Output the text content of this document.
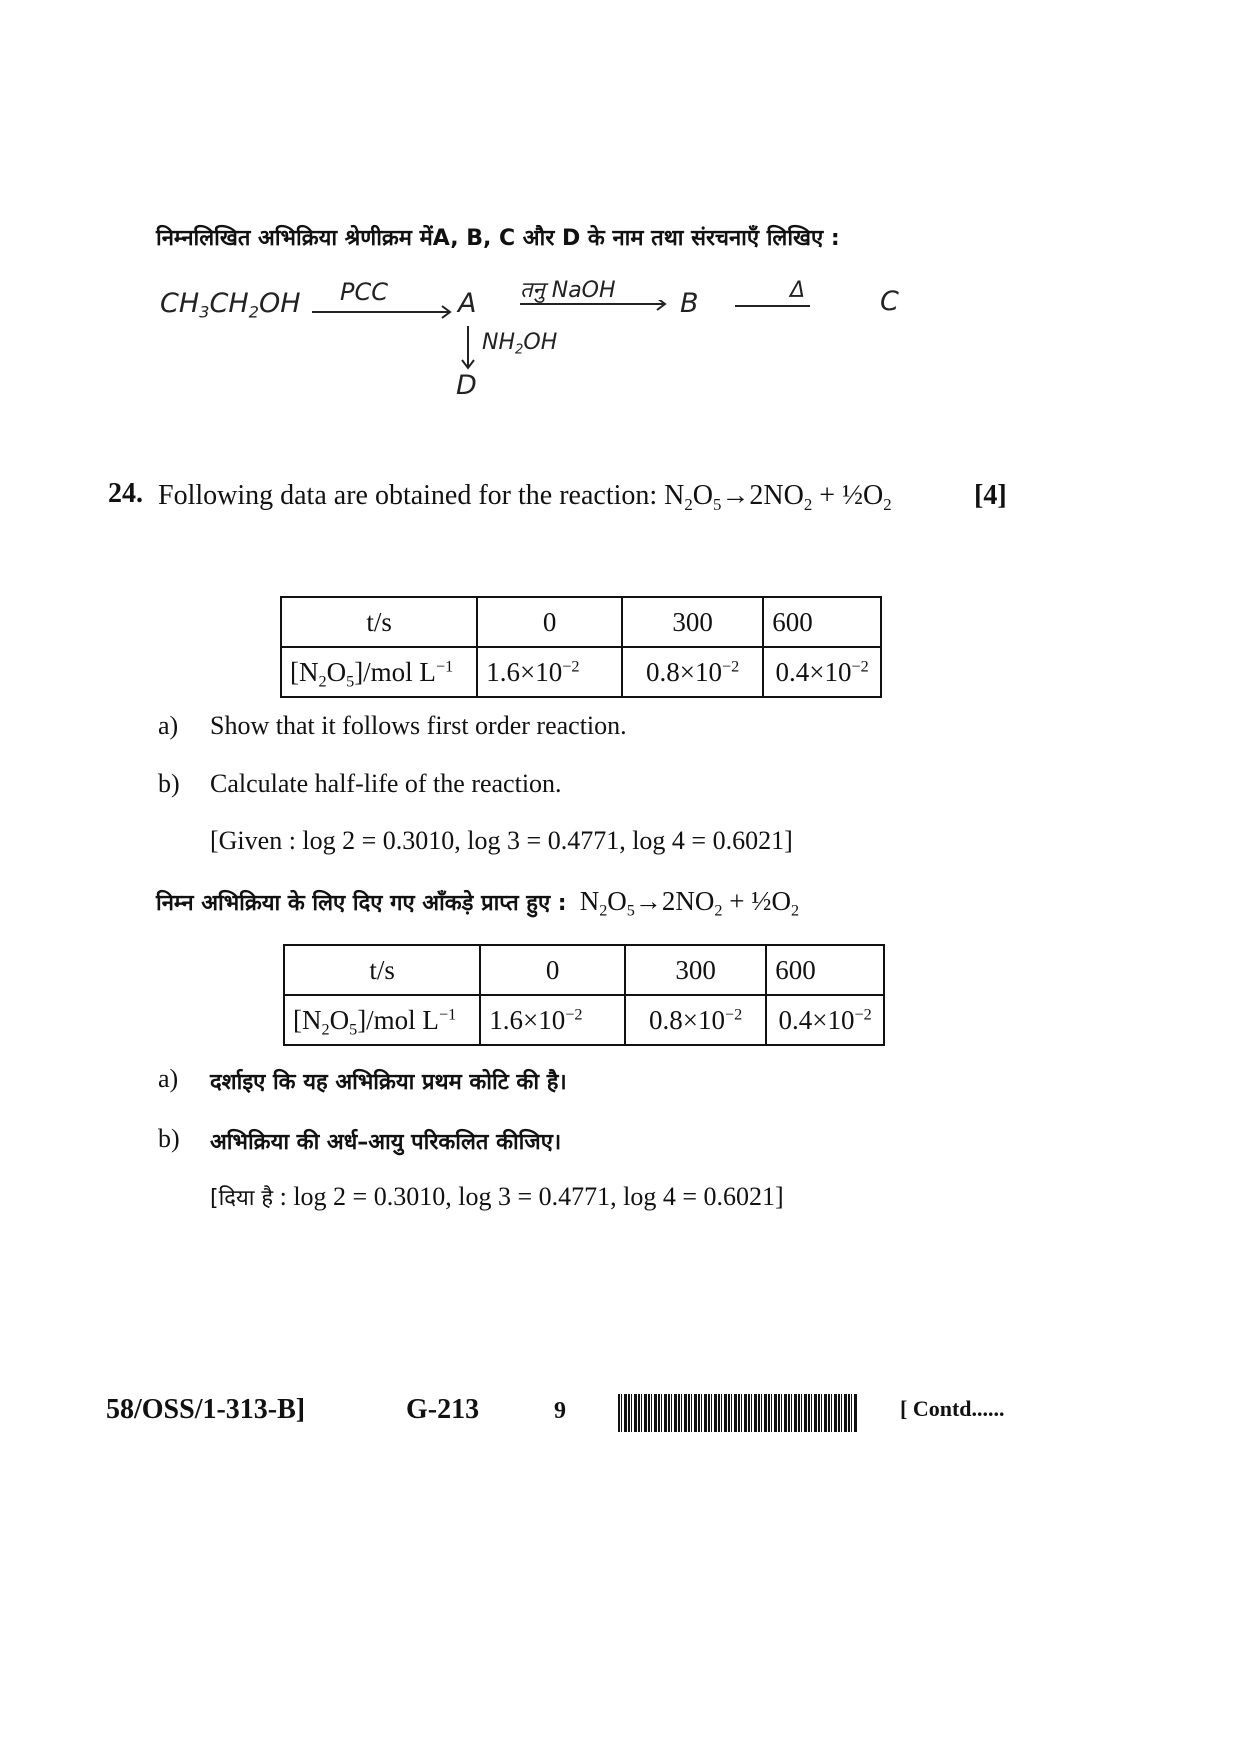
निम्नलिखित अभिक्रिया श्रेणीक्रम मेंA, B, C और D के नाम तथा संरचनाएँ लिखिए :
$CH_3CH_2OH$ PCC	A तनु NaOH B	Δ	C
$NH_2OH$
D
24. Following data are obtained for the reaction: $N_2O_5\to 2NO_2$ + $\frac{1}{2}O_2$	[4]
t/s	0	300	600
$[N_2O_5]$/mol $L^{-1}$	$1.6\times 10^{-2}$	$0.8\times 10^{-2}$	$0.4\times 10^{-2}$
a) Show that it follows first order reaction.
b) Calculate half-life of the reaction.
[Given : log 2 = 0.3010, log 3 = 0.4771, log 4 = 0.6021]
निम्न अभिक्रिया के लिए दिए गए आँकड़े प्राप्त हुए : $N_2O_5\to 2NO_2$ + $\frac{1}{2}O_2$
t/s	0	300	600
$[N_2O_5]$/mol $L^{-1}$	$1.6\times 10^{-2}$	$0.8\times 10^{-2}$	$0.4\times 10^{-2}$
a) दर्शाइए कि यह अभिक्रिया प्रथम कोटि की है।
b) अभिक्रिया की अर्ध–आयु परिकलित कीजिए।
[दिया है : log 2 = 0.3010, log 3 = 0.4771, log 4 = 0.6021]
58/OSS/1-313-B]	G-213	9	[ Contd......
